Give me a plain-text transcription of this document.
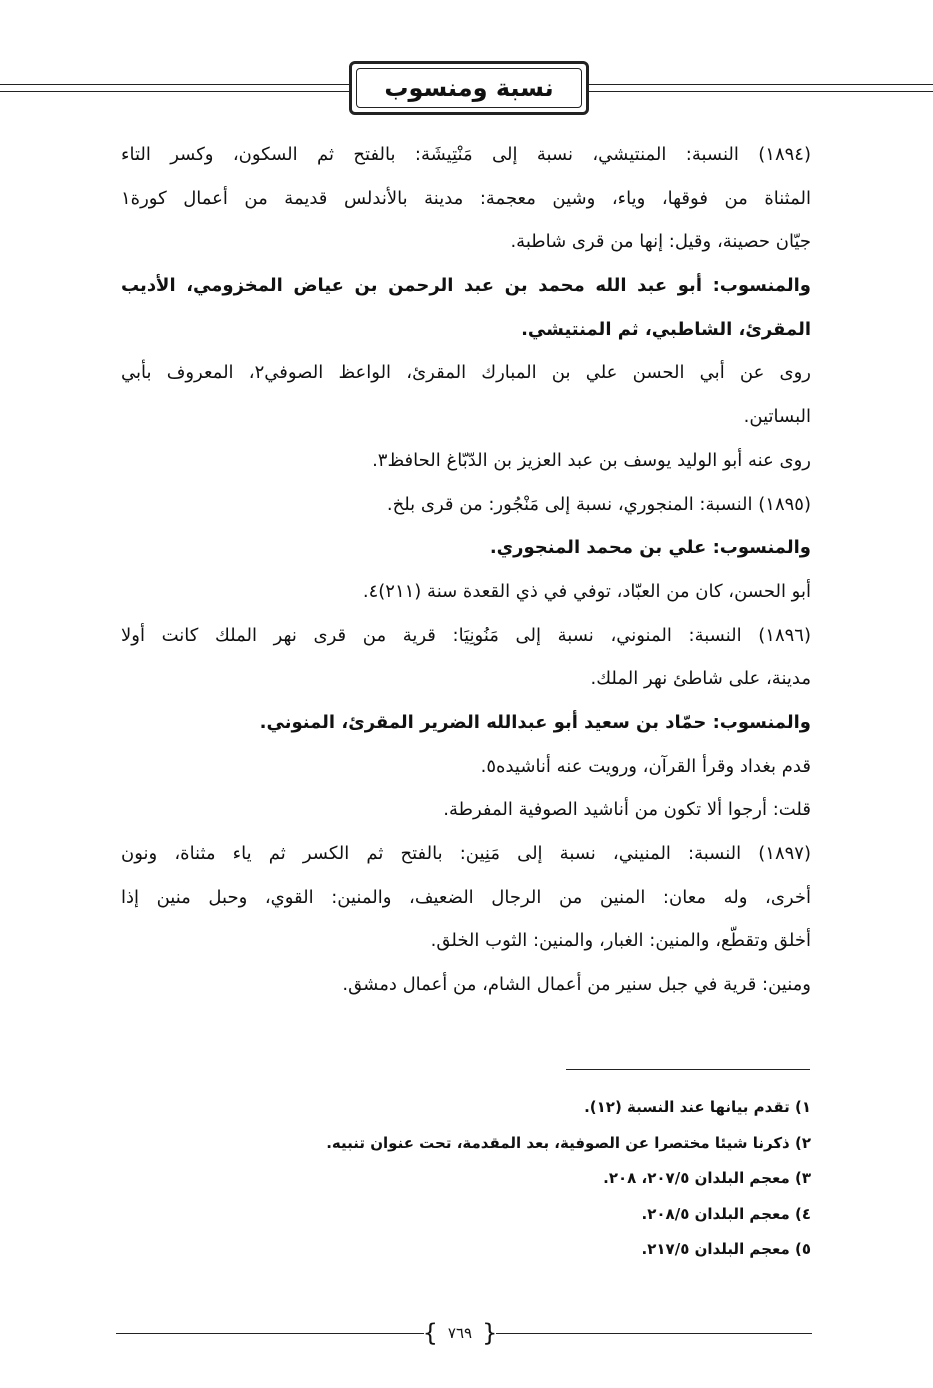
نسبة ومنسوب
(١٨٩٤) النسبة: المنتيشي، نسبة إلى مَنْتِيشَة: بالفتح ثم السكون، وكسر التاء
المثناة من فوقها، وياء، وشين معجمة: مدينة بالأندلس قديمة من أعمال كورة١
جيّان حصينة، وقيل: إنها من قرى شاطبة.
والمنسوب: أبو عبد الله محمد بن عبد الرحمن بن عياض المخزومي، الأديب
المقرئ، الشاطبي، ثم المنتيشي.
روى عن أبي الحسن علي بن المبارك المقرئ، الواعظ الصوفي٢، المعروف بأبي
البساتين.
روى عنه أبو الوليد يوسف بن عبد العزيز بن الدّبّاغ الحافظ٣.
(١٨٩٥) النسبة: المنجوري، نسبة إلى مَنْجُور: من قرى بلخ.
والمنسوب: علي بن محمد المنجوري.
أبو الحسن، كان من العبّاد، توفي في ذي القعدة سنة (٢١١)٤.
(١٨٩٦) النسبة: المنوني، نسبة إلى مَنُونِيَا: قرية من قرى نهر الملك كانت أولا
مدينة، على شاطئ نهر الملك.
والمنسوب: حمّاد بن سعيد أبو عبدالله الضرير المقرئ، المنوني.
قدم بغداد وقرأ القرآن، ورويت عنه أناشيده٥.
قلت: أرجوا ألا تكون من أناشيد الصوفية المفرطة.
(١٨٩٧) النسبة: المنيني، نسبة إلى مَنِين: بالفتح ثم الكسر ثم ياء مثناة، ونون
أخرى، وله معان: المنين من الرجال الضعيف، والمنين: القوي، وحبل منين إذا
أخلق وتقطّع، والمنين: الغبار، والمنين: الثوب الخلق.
ومنين: قرية في جبل سنير من أعمال الشام، من أعمال دمشق.
١) تقدم بيانها عند النسبة (١٢).
٢) ذكرنا شيئا مختصرا عن الصوفية، بعد المقدمة، تحت عنوان تنبيه.
٣) معجم البلدان ٢٠٧/٥، ٢٠٨.
٤) معجم البلدان ٢٠٨/٥.
٥) معجم البلدان ٢١٧/٥.
{
٧٦٩
}
